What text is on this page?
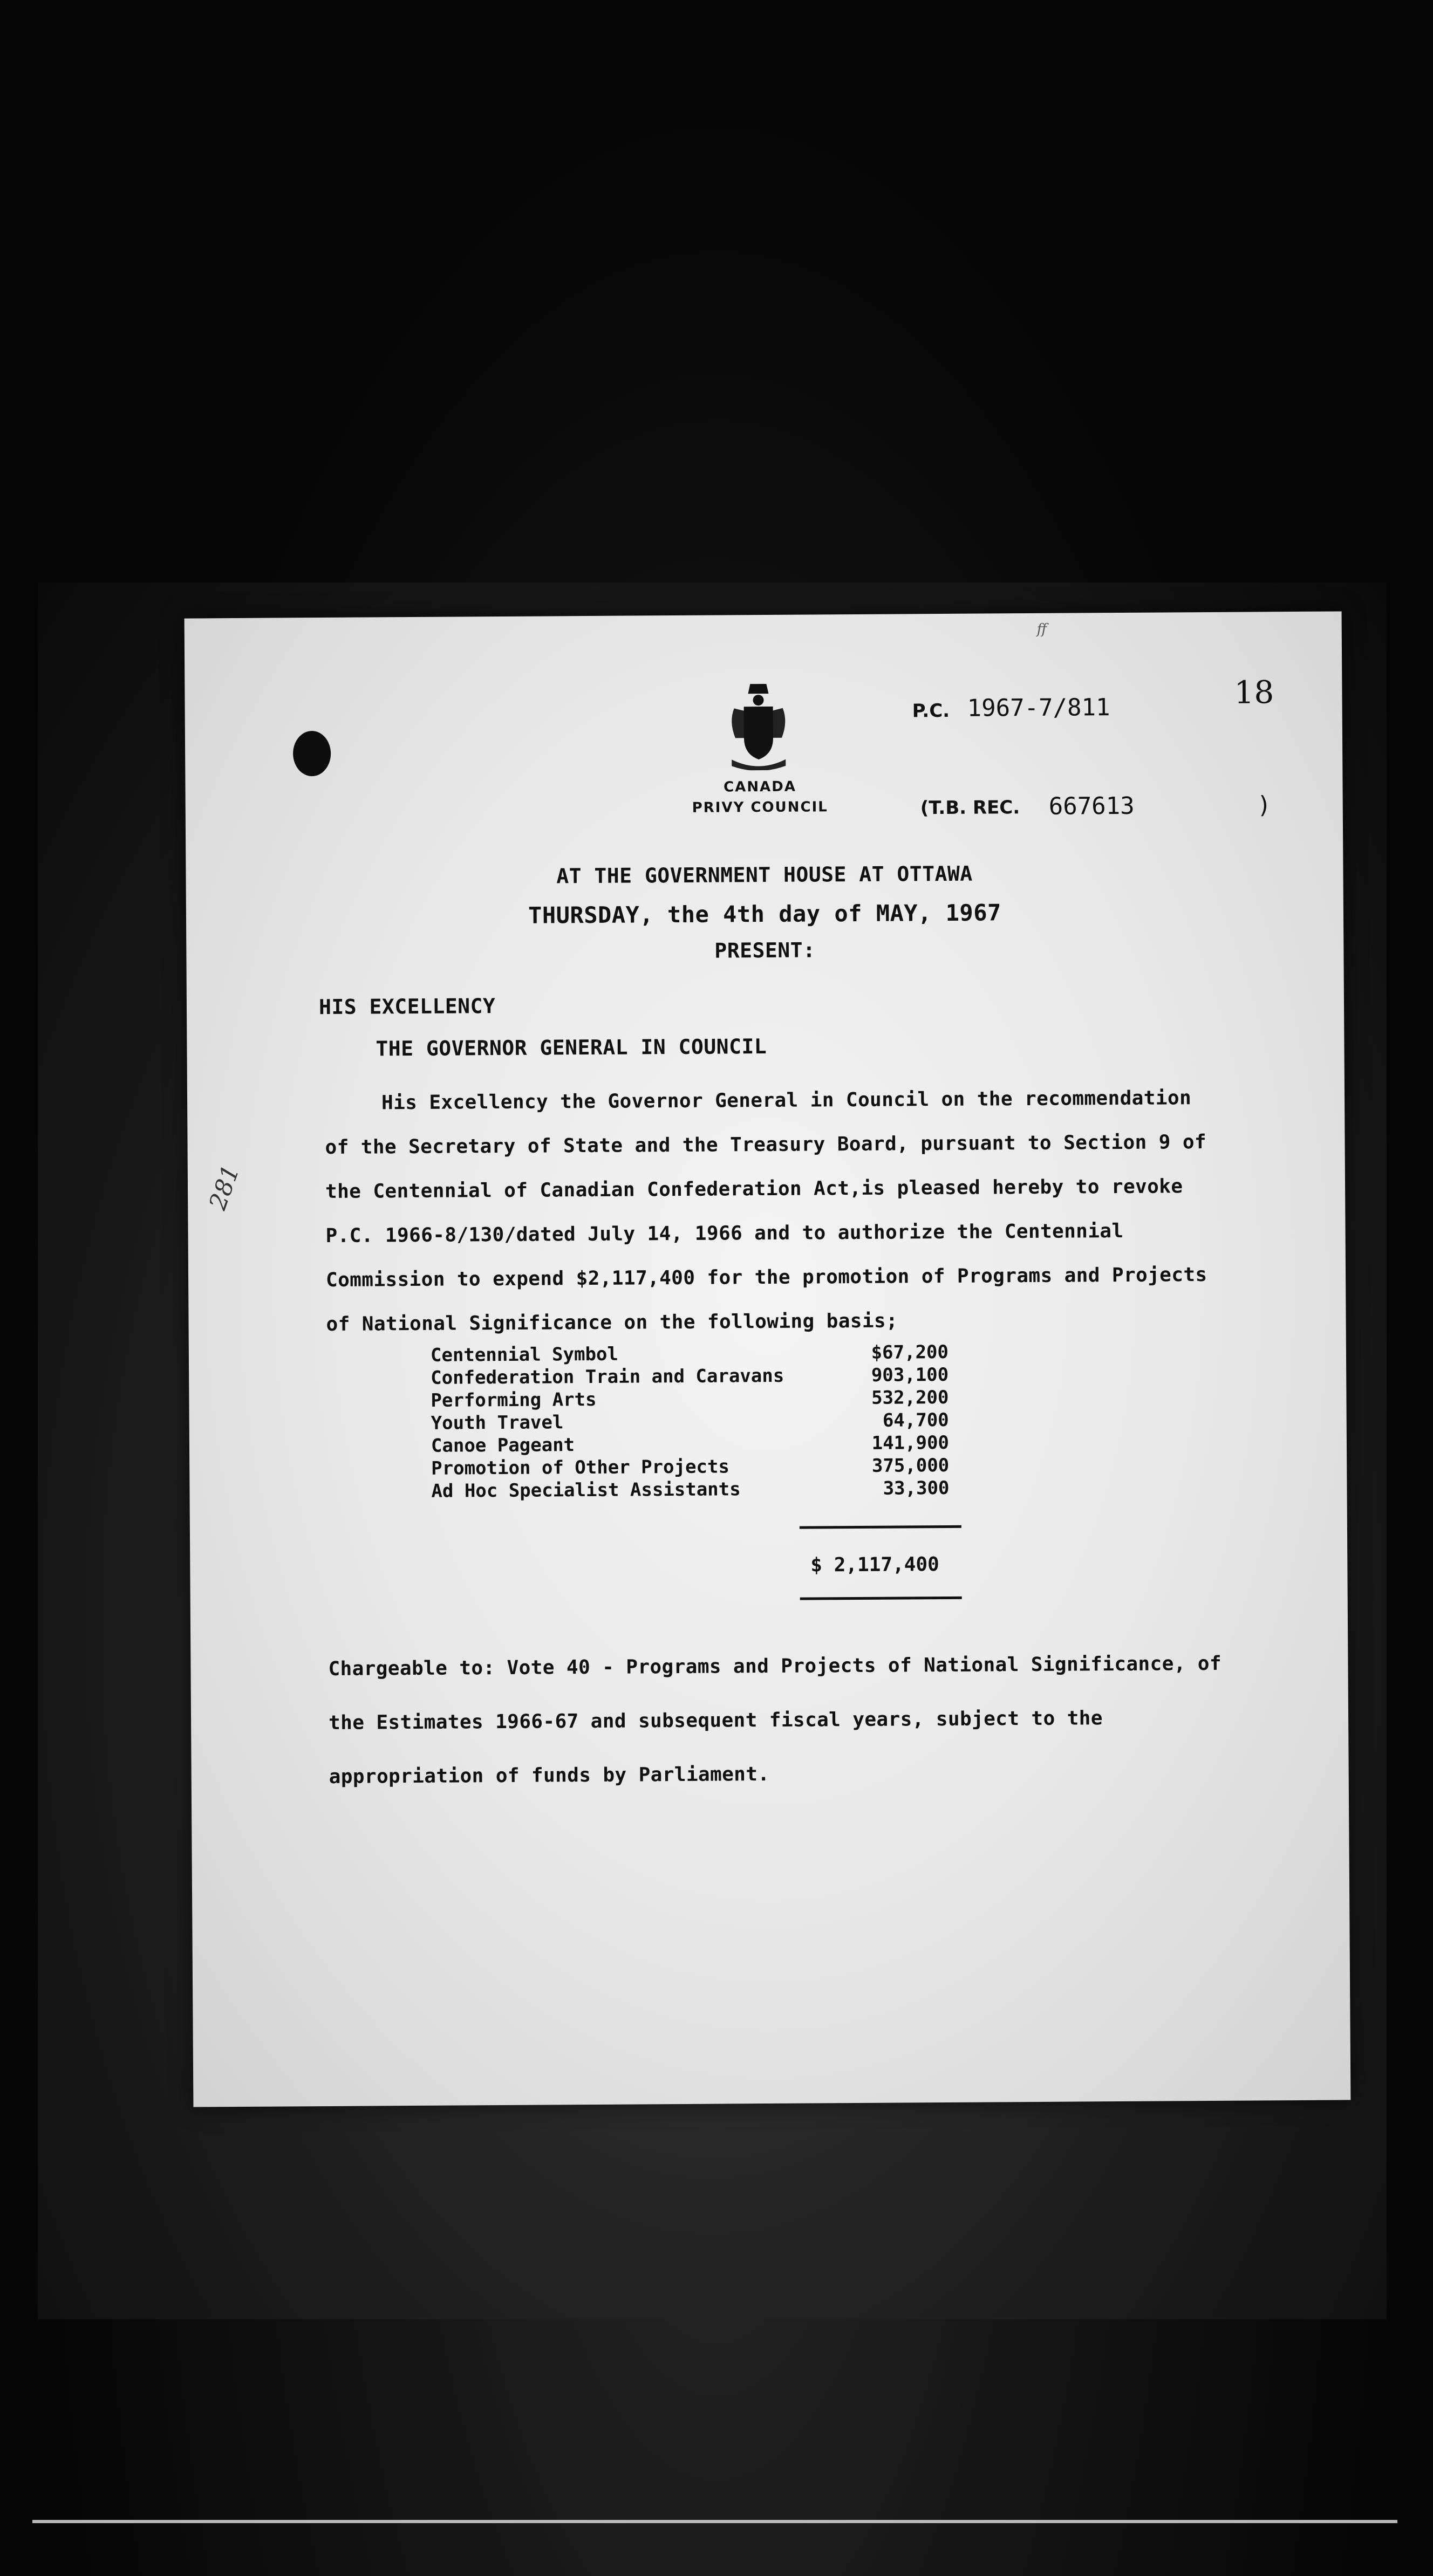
ff
CANADA
PRIVY COUNCIL
P.C. 1967-7/811	18
(T.B. REC. 667613	)
AT THE GOVERNMENT HOUSE AT OTTAWA
THURSDAY, the 4th day of MAY, 1967
PRESENT:
HIS EXCELLENCY
THE GOVERNOR GENERAL IN COUNCIL
281
His Excellency the Governor General in Council on the recommendation of the Secretary of State and the Treasury Board, pursuant to Section 9 of the Centennial of Canadian Confederation Act,is pleased hereby to revoke P.C. 1966-8/130/dated July 14, 1966 and to authorize the Centennial Commission to expend $2,117,400 for the promotion of Programs and Projects of National Significance on the following basis;
Centennial Symbol	$67,200
Confederation Train and Caravans	903,100
Performing Arts	532,200
Youth Travel	64,700
Canoe Pageant	141,900
Promotion of Other Projects	375,000
Ad Hoc Specialist Assistants	33,300
$ 2,117,400
Chargeable to: Vote 40 - Programs and Projects of National Significance, of the Estimates 1966-67 and subsequent fiscal years, subject to the appropriation of funds by Parliament.
